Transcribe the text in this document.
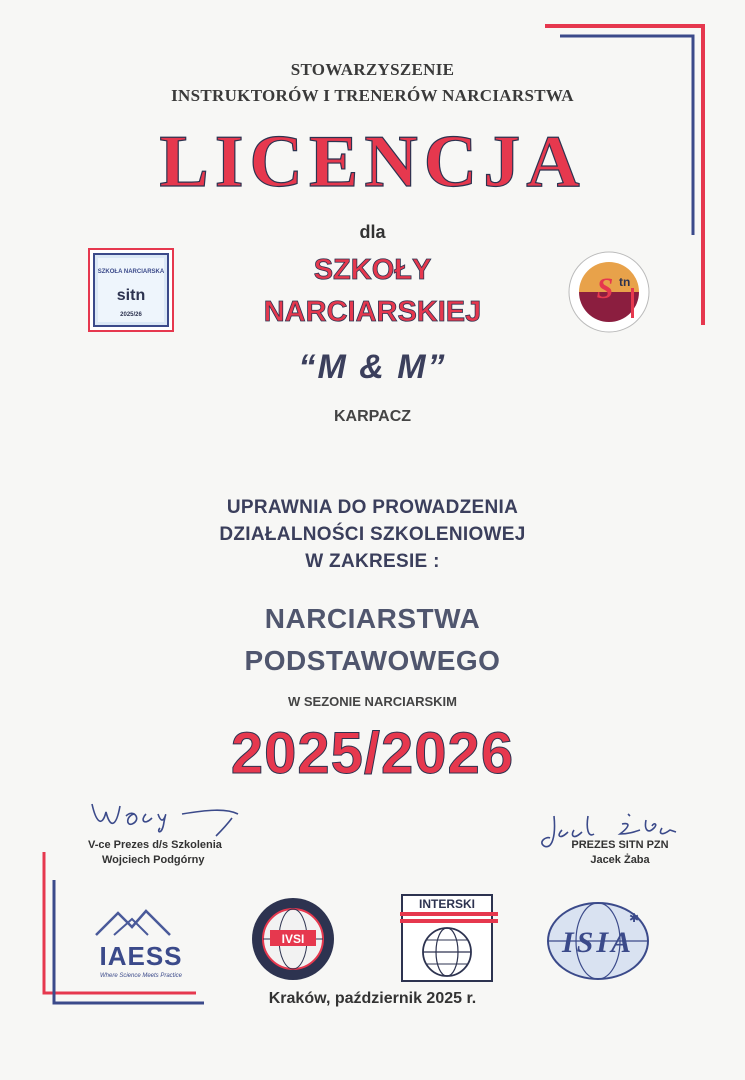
STOWARZYSZENIE
INSTRUKTORÓW I TRENERÓW NARCIARSTWA
LICENCJA
dla
SZKOŁY
NARCIARSKIEJ
“M & M”
KARPACZ
SZKOŁA NARCIARSKA
sitn
2025/26
S tn
UPRAWNIA DO PROWADZENIA
DZIAŁALNOŚCI SZKOLENIOWEJ
W ZAKRESIE :
NARCIARSTWA
PODSTAWOWEGO
W SEZONIE NARCIARSKIM
2025/2026
V-ce Prezes d/s Szkolenia
Wojciech Podgórny
PREZES SITN PZN
Jacek Żaba
IAESS
Where Science Meets Practice
IVSI
INTERSKI
ISIA
✱
Kraków, październik 2025 r.
